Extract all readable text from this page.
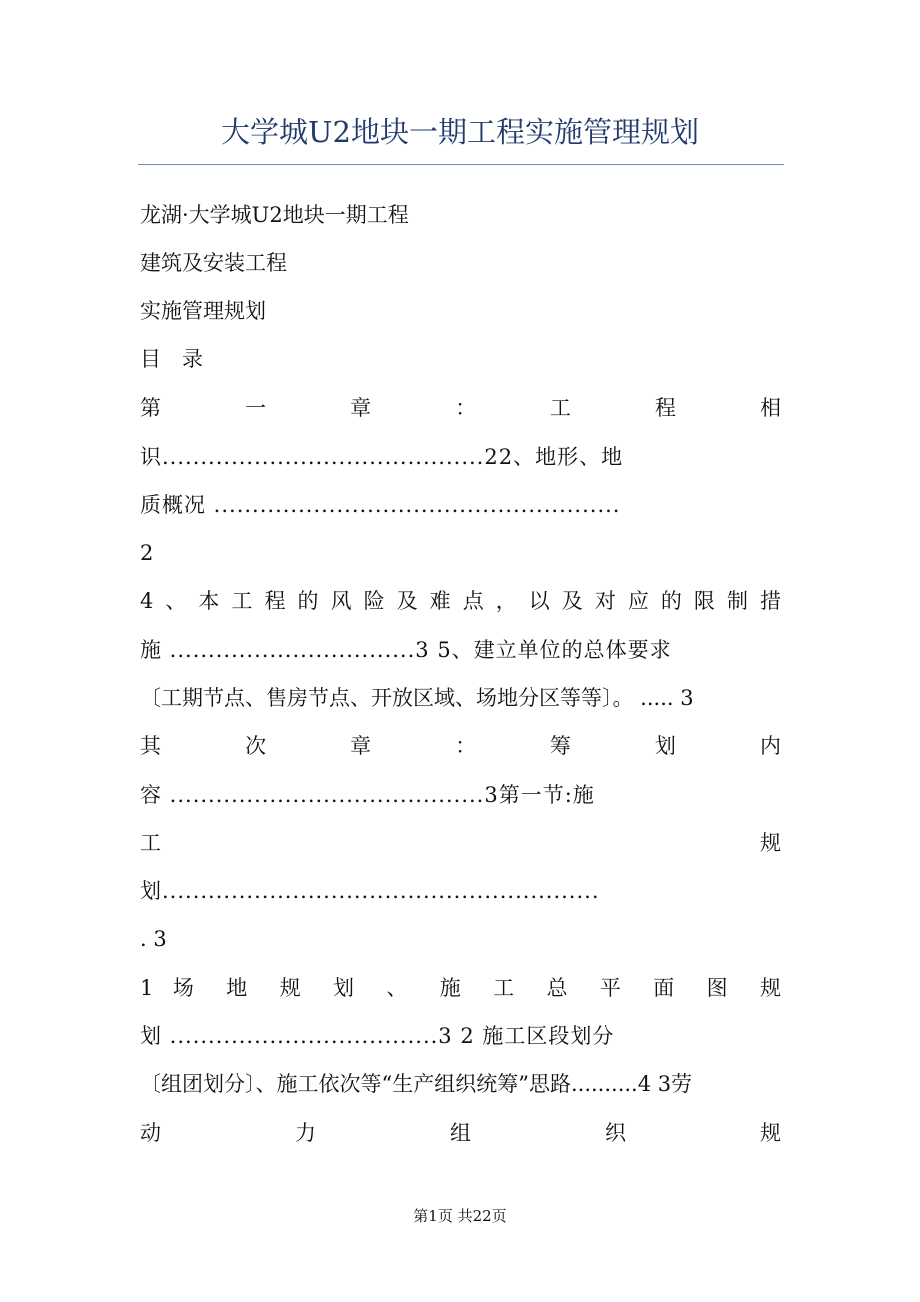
大学城U2地块一期工程实施管理规划
龙湖·大学城U2地块一期工程
建筑及安装工程
实施管理规划
目　录
第　一　章　：　工　程　相
识..........................................22、地形、地
质概况 .....................................................
2
4、本工程的风险及难点，以及对应的限制措
施 ................................3 5、建立单位的总体要求
〔工期节点、售房节点、开放区域、场地分区等等〕。 ..... 3
其　次　章　：　筹　划　内
容 .........................................3第一节:施
工　规
划.........................................................
. 3
1 场 地 规 划 、 施 工 总 平 面 图 规
划 ...................................3 2 施工区段划分
〔组团划分〕、施工依次等“生产组织统筹”思路..........4 3劳
动　力　组　织　规
第1页 共22页
